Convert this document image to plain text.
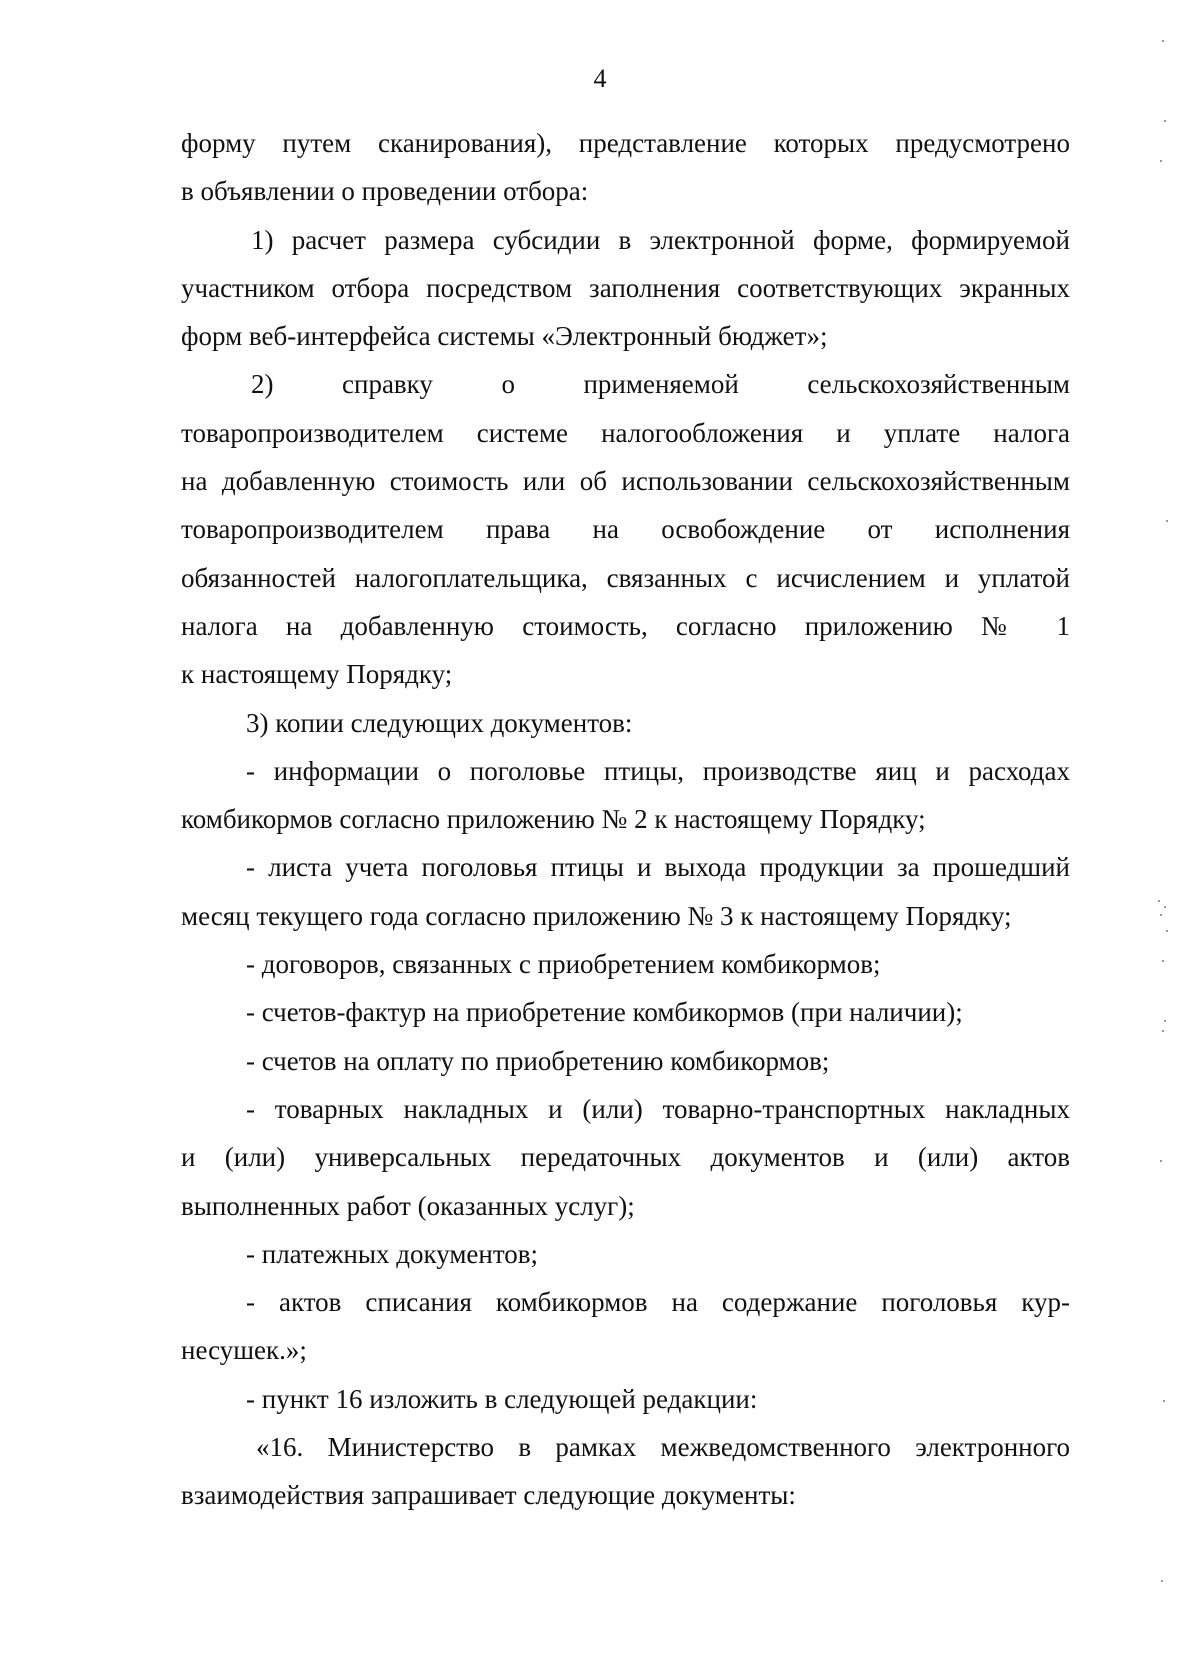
4
форму путем сканирования), представление которых предусмотрено
в объявлении о проведении отбора:
1) расчет размера субсидии в электронной форме, формируемой
участником отбора посредством заполнения соответствующих экранных
форм веб-интерфейса системы «Электронный бюджет»;
2) справку о применяемой сельскохозяйственным
товаропроизводителем системе налогообложения и уплате налога
на добавленную стоимость или об использовании сельскохозяйственным
товаропроизводителем права на освобождение от исполнения
обязанностей налогоплательщика, связанных с исчислением и уплатой
налога на добавленную стоимость, согласно приложению № 1
к настоящему Порядку;
3) копии следующих документов:
- информации о поголовье птицы, производстве яиц и расходах
комбикормов согласно приложению № 2 к настоящему Порядку;
- листа учета поголовья птицы и выхода продукции за прошедший
месяц текущего года согласно приложению № 3 к настоящему Порядку;
- договоров, связанных с приобретением комбикормов;
- счетов-фактур на приобретение комбикормов (при наличии);
- счетов на оплату по приобретению комбикормов;
- товарных накладных и (или) товарно-транспортных накладных
и (или) универсальных передаточных документов и (или) актов
выполненных работ (оказанных услуг);
- платежных документов;
- актов списания комбикормов на содержание поголовья кур-
несушек.»;
- пункт 16 изложить в следующей редакции:
«16. Министерство в рамках межведомственного электронного
взаимодействия запрашивает следующие документы:
